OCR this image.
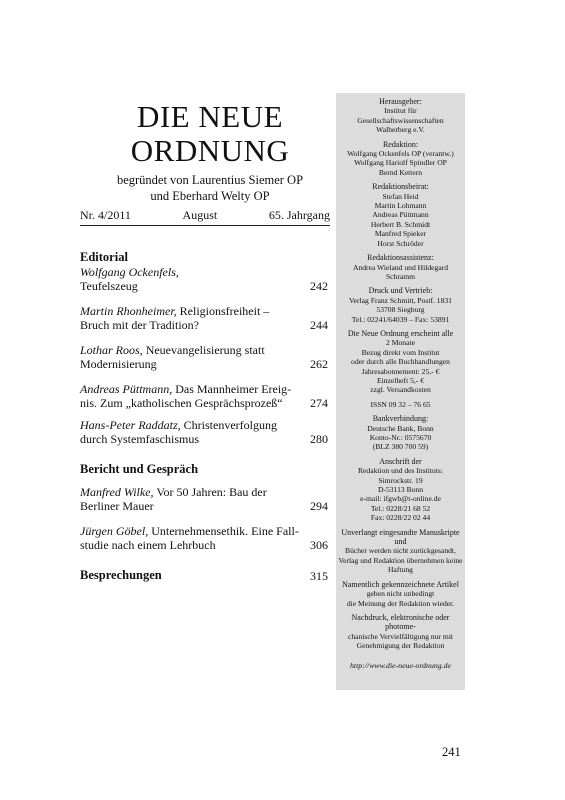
DIE NEUE
ORDNUNG
begründet von Laurentius Siemer OP
und Eberhard Welty OP
Nr. 4/2011	August	65. Jahrgang
Editorial
Wolfgang Ockenfels,
Teufelszeug	242
Martin Rhonheimer, Religionsfreiheit –
Bruch mit der Tradition?	244
Lothar Roos, Neuevangelisierung statt
Modernisierung	262
Andreas Püttmann, Das Mannheimer Ereig-
nis. Zum „katholischen Gesprächsprozeß“	274
Hans-Peter Raddatz, Christenverfolgung
durch Systemfaschismus	280
Bericht und Gespräch
Manfred Wilke, Vor 50 Jahren: Bau der
Berliner Mauer	294
Jürgen Göbel, Unternehmensethik. Eine Fall-
studie nach einem Lehrbuch	306
Besprechungen	315
Herausgeber:
Institut für
Gesellschaftswissenschaften
Walberberg e.V.
Redaktion:
Wolfgang Ockenfels OP (verantw.)
Wolfgang Hariolf Spindler OP
Bernd Kettern
Redaktionsbeirat:
Stefan Heid
Martin Lohmann
Andreas Püttmann
Herbert B. Schmidt
Manfred Spieker
Horst Schröder
Redaktionsassistenz:
Andrea Wieland und Hildegard Schramm
Druck und Vertrieb:
Verlag Franz Schmitt, Postf. 1831
53708 Siegburg
Tel.: 02241/64039 – Fax: 53891
Die Neue Ordnung erscheint alle
2 Monate
Bezug direkt vom Institut
oder durch alle Buchhandlungen
Jahresabonnement: 25,- €
Einzelheft 5,- €
zzgl. Versandkosten
ISSN 09 32 – 76 65
Bankverbindung:
Deutsche Bank, Bonn
Konto-Nr.: 0575670
(BLZ 380 700 59)
Anschrift der
Redaktion und des Instituts:
Simrockstr. 19
D-53113 Bonn
e-mail: ifgwb@t-online.de
Tel.: 0228/21 68 52
Fax: 0228/22 02 44
Unverlangt eingesandte Manuskripte und
Bücher werden nicht zurückgesandt,
Verlag und Redaktion übernehmen keine
Haftung
Namentlich gekennzeichnete Artikel
geben nicht unbedingt
die Meinung der Redaktion wieder.
Nachdruck, elektronische oder photome-
chanische Vervielfältigung nur mit
Genehmigung der Redaktion
http://www.die-neue-ordnung.de
241
